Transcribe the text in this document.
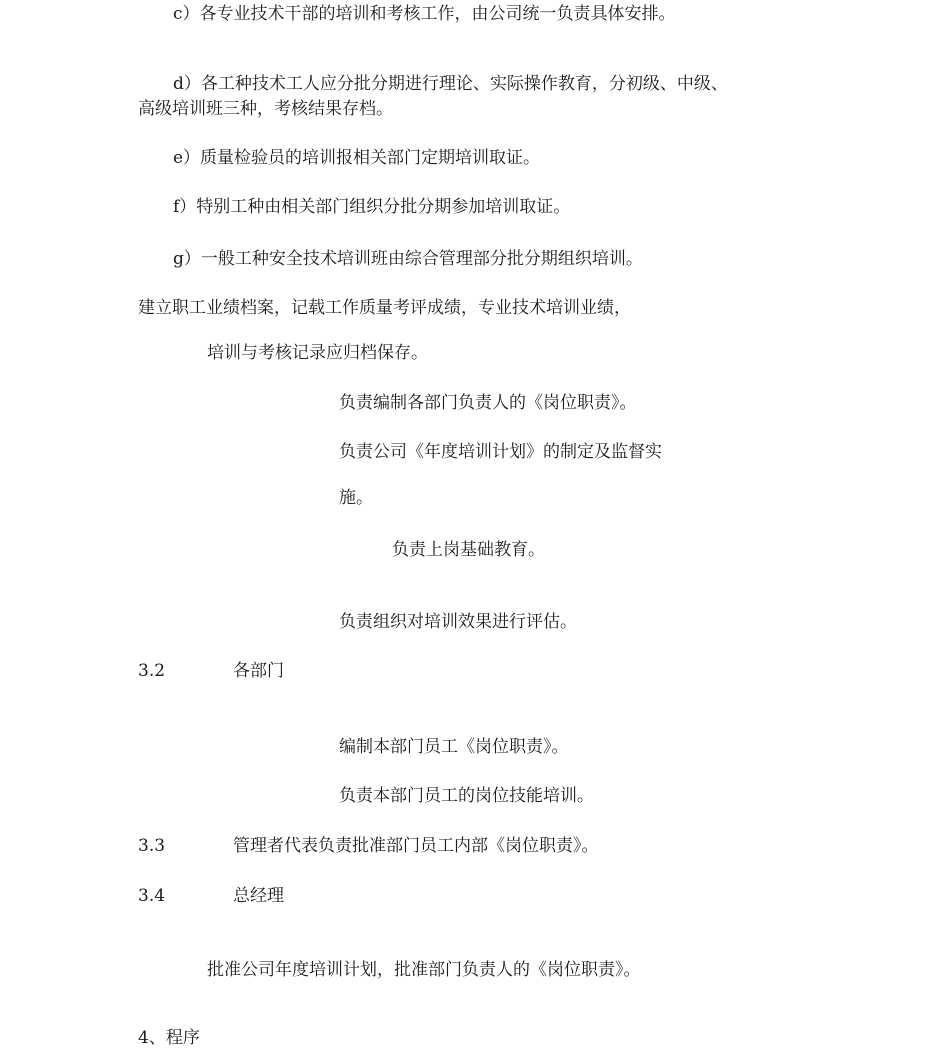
c）各专业技术干部的培训和考核工作，由公司统一负责具体安排。

d）各工种技术工人应分批分期进行理论、实际操作教育，分初级、中级、

高级培训班三种，考核结果存档。

e）质量检验员的培训报相关部门定期培训取证。

f）特别工种由相关部门组织分批分期参加培训取证。

g）一般工种安全技术培训班由综合管理部分批分期组织培训。

建立职工业绩档案，记载工作质量考评成绩，专业技术培训业绩，

培训与考核记录应归档保存。

负责编制各部门负责人的《岗位职责》。

负责公司《年度培训计划》的制定及监督实

施。

负责上岗基础教育。

负责组织对培训效果进行评估。

3.2	各部门

编制本部门员工《岗位职责》。

负责本部门员工的岗位技能培训。

3.3	管理者代表负责批准部门员工内部《岗位职责》。
3.4	总经理

批准公司年度培训计划，批准部门负责人的《岗位职责》。

4、程序
